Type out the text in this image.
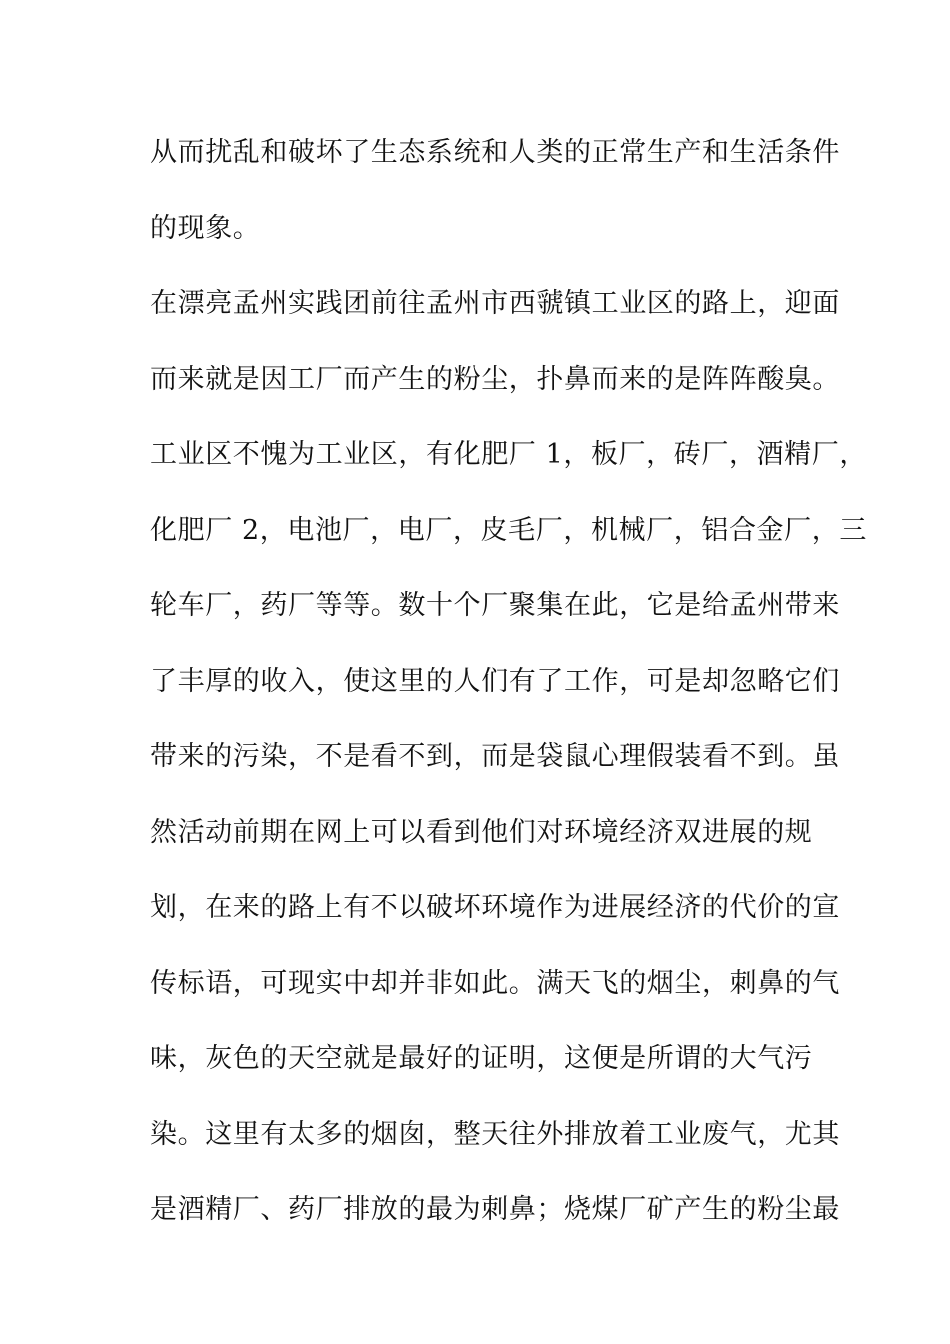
从而扰乱和破坏了生态系统和人类的正常生产和生活条件
的现象。
在漂亮孟州实践团前往孟州市西虢镇工业区的路上，迎面
而来就是因工厂而产生的粉尘，扑鼻而来的是阵阵酸臭。
工业区不愧为工业区，有化肥厂 1，板厂，砖厂，酒精厂，
化肥厂 2，电池厂，电厂，皮毛厂，机械厂，铝合金厂，三
轮车厂，药厂等等。数十个厂聚集在此，它是给孟州带来
了丰厚的收入，使这里的人们有了工作，可是却忽略它们
带来的污染，不是看不到，而是袋鼠心理假装看不到。虽
然活动前期在网上可以看到他们对环境经济双进展的规
划，在来的路上有不以破坏环境作为进展经济的代价的宣
传标语，可现实中却并非如此。满天飞的烟尘，刺鼻的气
味，灰色的天空就是最好的证明，这便是所谓的大气污
染。这里有太多的烟囱，整天往外排放着工业废气，尤其
是酒精厂、药厂排放的最为刺鼻；烧煤厂矿产生的粉尘最
